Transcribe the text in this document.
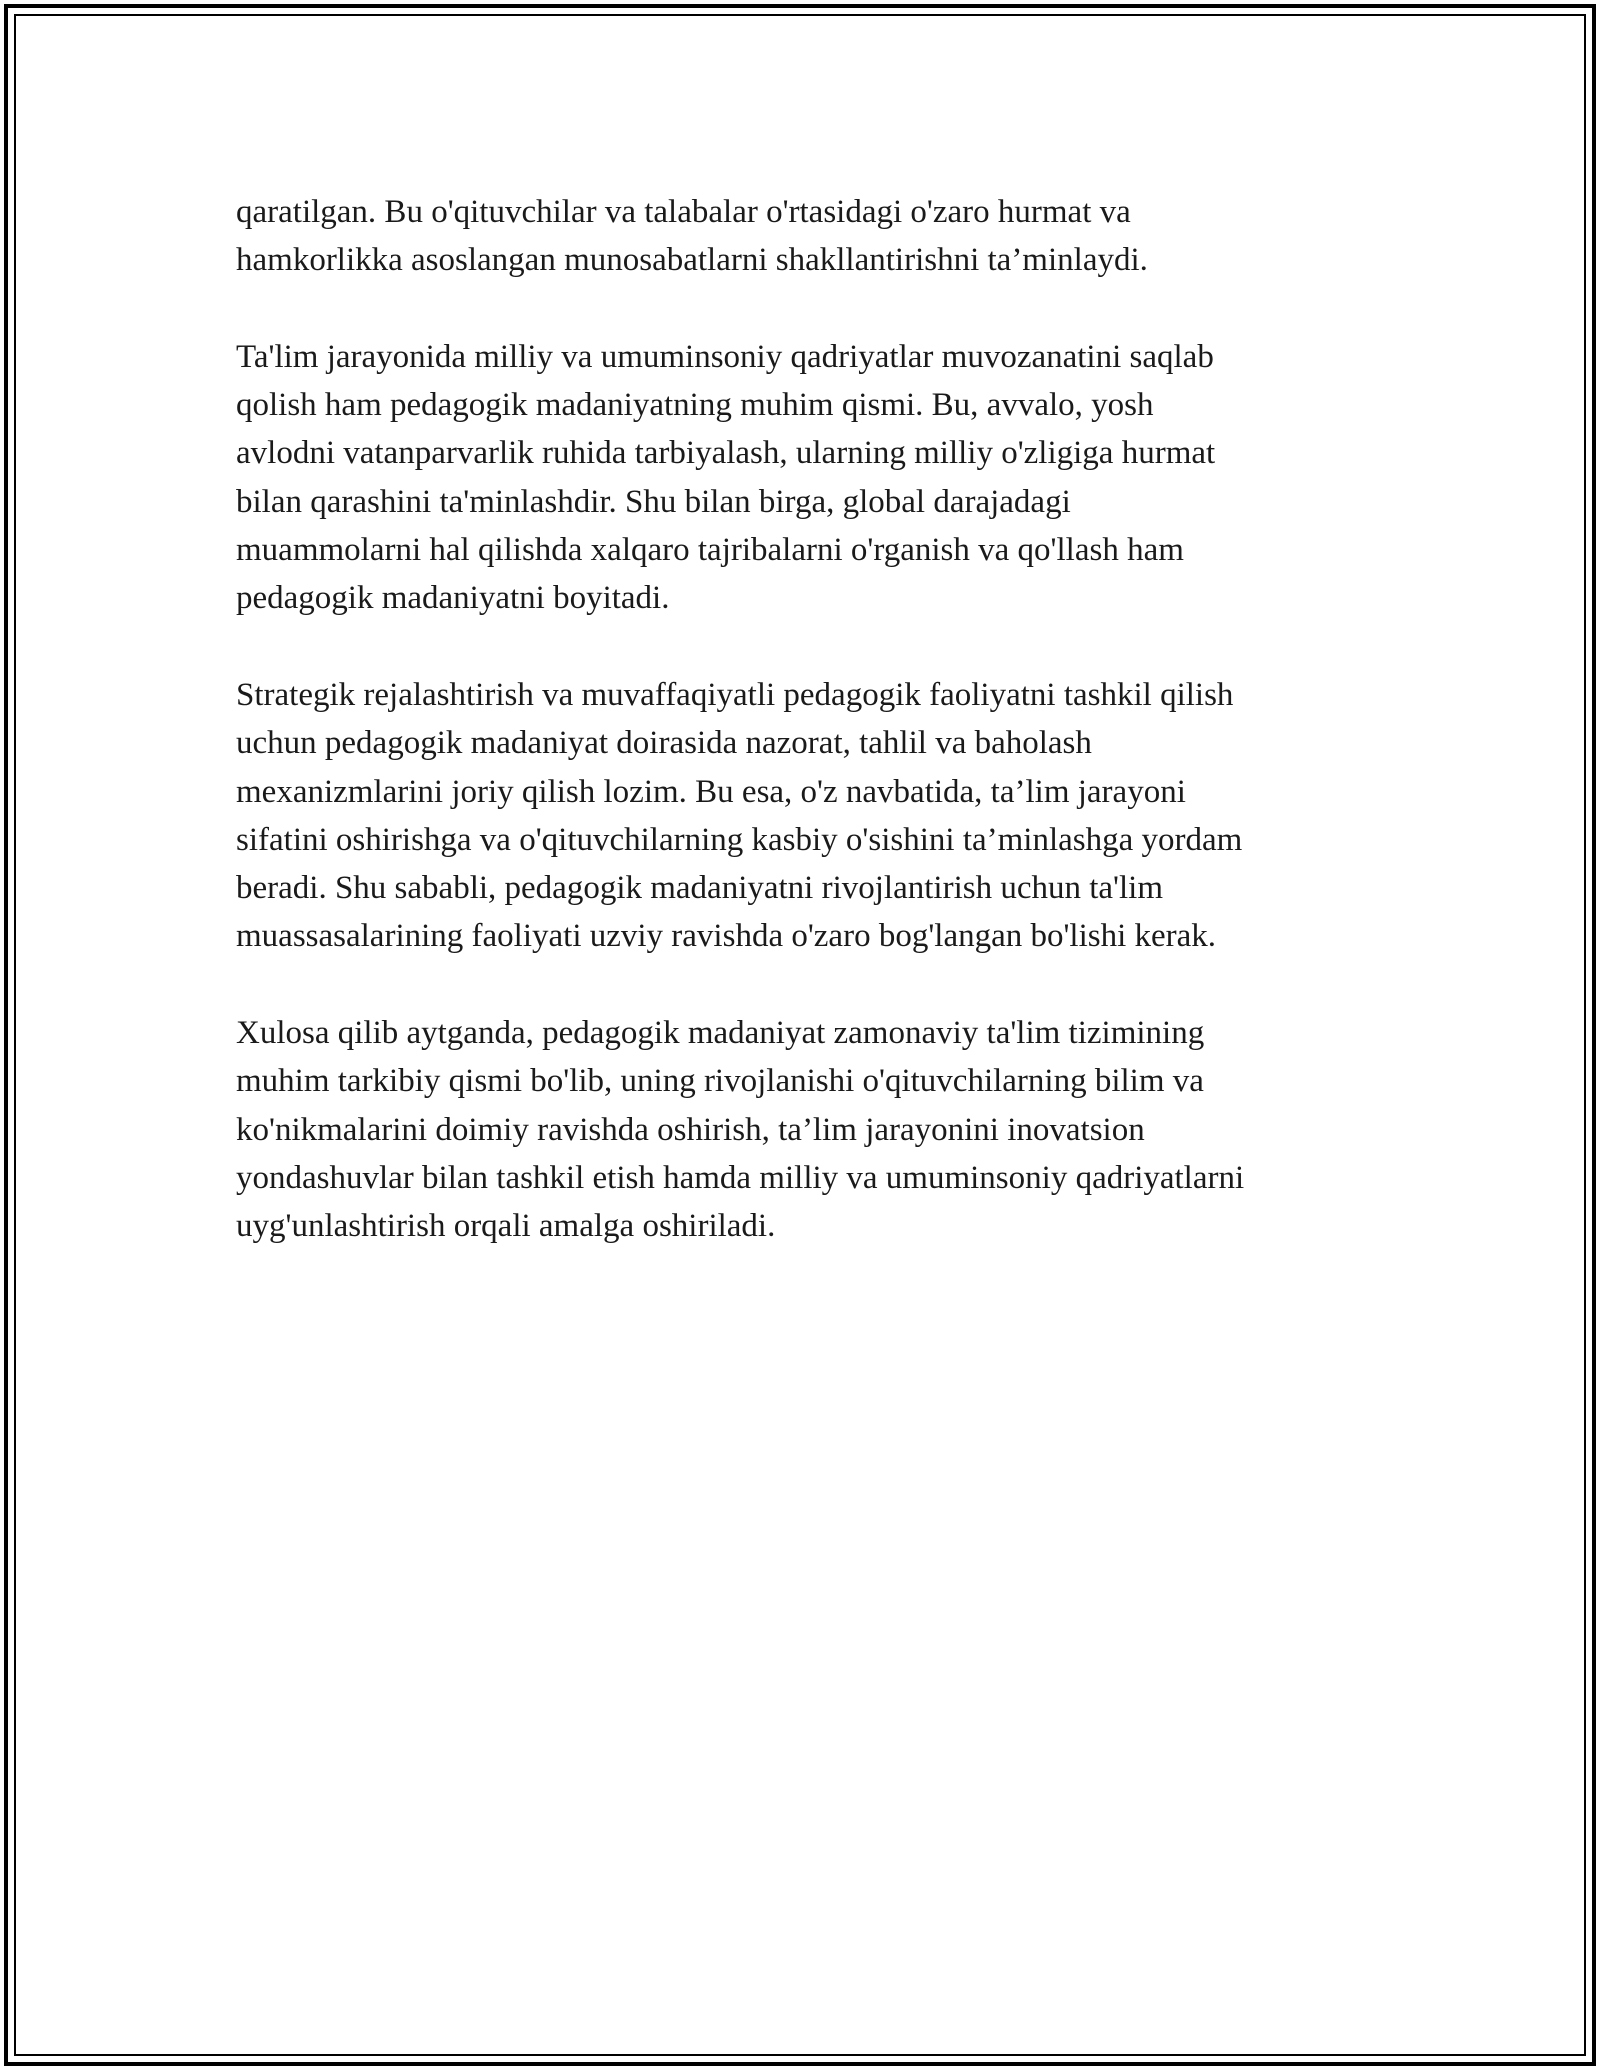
qaratilgan. Bu o'qituvchilar va talabalar o'rtasidagi o'zaro hurmat va
hamkorlikka asoslangan munosabatlarni shakllantirishni ta’minlaydi.

Ta'lim jarayonida milliy va umuminsoniy qadriyatlar muvozanatini saqlab
qolish ham pedagogik madaniyatning muhim qismi. Bu, avvalo, yosh
avlodni vatanparvarlik ruhida tarbiyalash, ularning milliy o'zligiga hurmat
bilan qarashini ta'minlashdir. Shu bilan birga, global darajadagi
muammolarni hal qilishda xalqaro tajribalarni o'rganish va qo'llash ham
pedagogik madaniyatni boyitadi.

Strategik rejalashtirish va muvaffaqiyatli pedagogik faoliyatni tashkil qilish
uchun pedagogik madaniyat doirasida nazorat, tahlil va baholash
mexanizmlarini joriy qilish lozim. Bu esa, o'z navbatida, ta’lim jarayoni
sifatini oshirishga va o'qituvchilarning kasbiy o'sishini ta’minlashga yordam
beradi. Shu sababli, pedagogik madaniyatni rivojlantirish uchun ta'lim
muassasalarining faoliyati uzviy ravishda o'zaro bog'langan bo'lishi kerak.

Xulosa qilib aytganda, pedagogik madaniyat zamonaviy ta'lim tizimining
muhim tarkibiy qismi bo'lib, uning rivojlanishi o'qituvchilarning bilim va
ko'nikmalarini doimiy ravishda oshirish, ta’lim jarayonini inovatsion
yondashuvlar bilan tashkil etish hamda milliy va umuminsoniy qadriyatlarni
uyg'unlashtirish orqali amalga oshiriladi.
